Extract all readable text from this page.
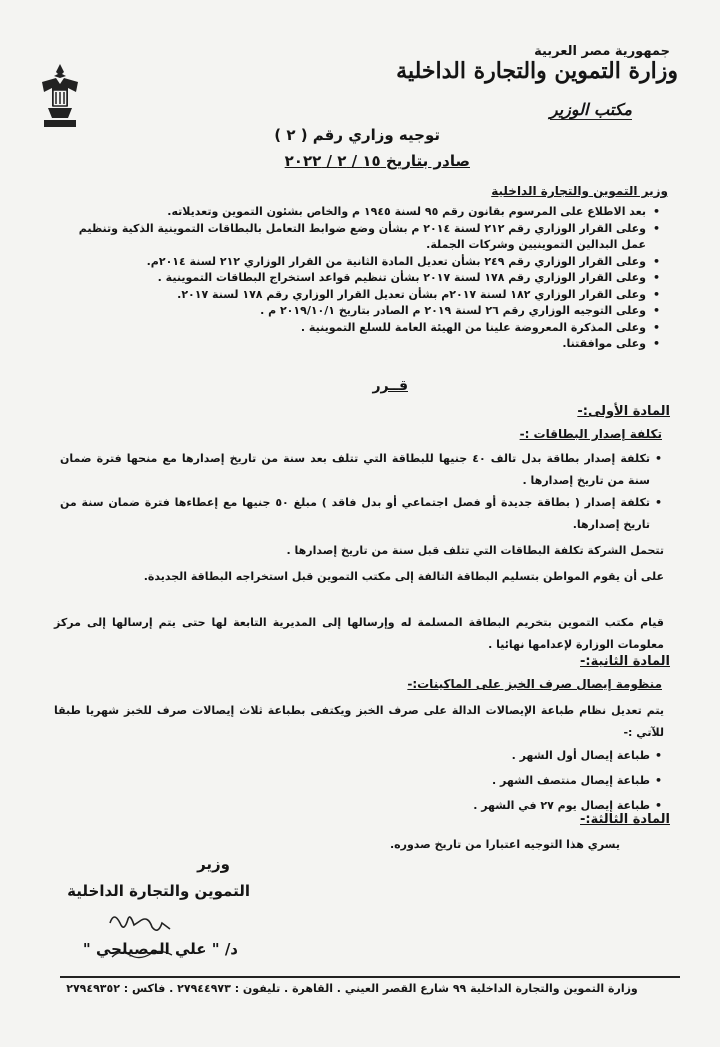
جمهورية مصر العربية
وزارة التموين والتجارة الداخلية
مكتب الوزير
توجيه وزاري رقم ( ٢ )
صادر بتاريخ ١٥ / ٢ / ٢٠٢٢
وزير التموين والتجارة الداخلية
• بعد الاطلاع على المرسوم بقانون رقم ٩٥ لسنة ١٩٤٥ م والخاص بشئون التموين وتعديلاته.
• وعلى القرار الوزاري رقم ٢١٢ لسنة ٢٠١٤ م بشأن وضع ضوابط التعامل بالبطاقات التموينية الذكية وتنظيم عمل البدالين التموينيين وشركات الجملة.
• وعلى القرار الوزاري رقم ٢٤٩ بشأن تعديل المادة الثانية من القرار الوزاري ٢١٢ لسنة ٢٠١٤م.
• وعلى القرار الوزاري رقم ١٧٨ لسنة ٢٠١٧ بشأن تنظيم قواعد استخراج البطاقات التموينية .
• وعلى القرار الوزاري ١٨٢ لسنة ٢٠١٧م بشأن تعديل القرار الوزاري رقم ١٧٨ لسنة ٢٠١٧.
• وعلى التوجيه الوزاري رقم ٢٦ لسنة ٢٠١٩ م الصادر بتاريخ ٢٠١٩/١٠/١ م .
• وعلى المذكرة المعروضة علينا من الهيئة العامة للسلع التموينية .
• وعلى موافقتنا.
قــرر
المادة الأولى:-
تكلفة إصدار البطاقات :-
•
تكلفة إصدار بطاقة بدل تالف ٤٠ جنيها للبطاقة التي تتلف بعد سنة من تاريخ إصدارها مع منحها فترة ضمان سنة من تاريخ إصدارها .
•
تكلفة إصدار ( بطاقة جديدة أو فصل اجتماعي أو بدل فاقد ) مبلغ ٥٠ جنيها مع إعطاءها فترة ضمان سنة من تاريخ إصدارها.
تتحمل الشركة تكلفة البطاقات التي تتلف قبل سنة من تاريخ إصدارها .
على أن يقوم المواطن بتسليم البطاقة التالفة إلى مكتب التموين قبل استخراجه البطاقة الجديدة.
قيام مكتب التموين بتخريم البطاقة المسلمة له وإرسالها إلى المديرية التابعة لها حتى يتم إرسالها إلى مركز معلومات الوزارة لإعدامها نهائيا .
المادة الثانية:-
منظومة إيصال صرف الخبز على الماكينات:-
يتم تعديل نظام طباعة الإيصالات الدالة على صرف الخبز ويكتفى بطباعة ثلاث إيصالات صرف للخبز شهريا طبقا للآتي :-
•
طباعة إيصال أول الشهر .
•
طباعة إيصال منتصف الشهر .
•
طباعة إيصال يوم ٢٧ في الشهر .
المادة الثالثة:-
يسري هذا التوجيه اعتبارا من تاريخ صدوره.
وزير
التموين والتجارة الداخلية
د/ " علي المصيلحي "
وزارة التموين والتجارة الداخلية ٩٩ شارع القصر العيني . القاهرة . تليفون : ٢٧٩٤٤٩٧٣ . فاكس : ٢٧٩٤٩٣٥٢
